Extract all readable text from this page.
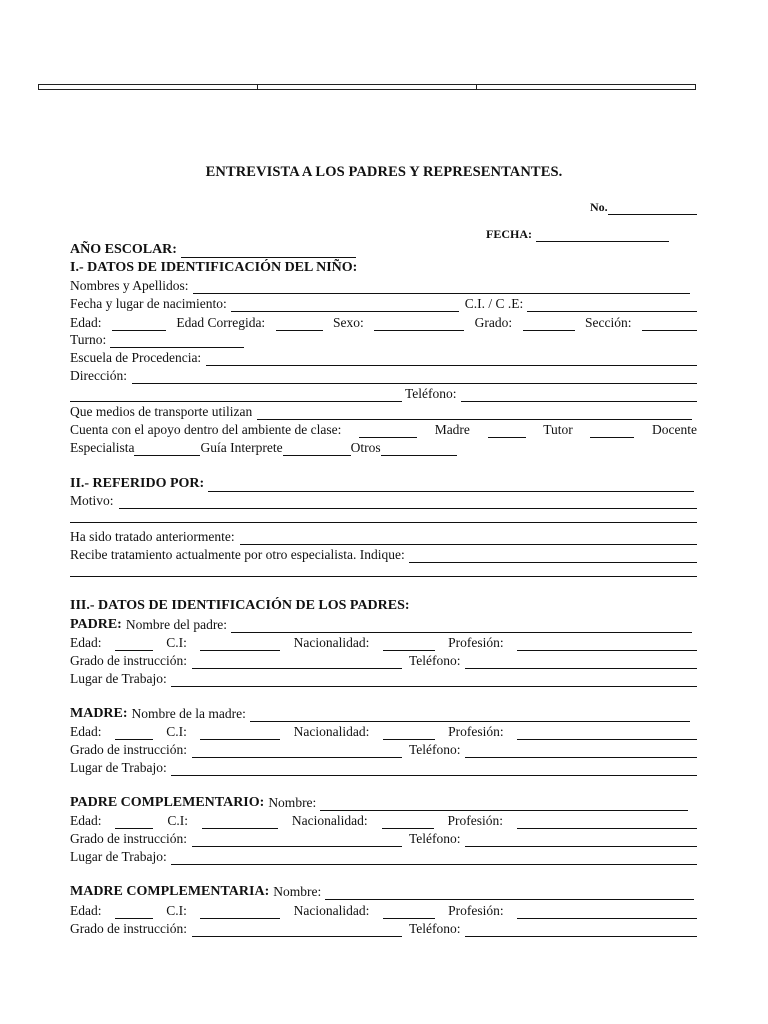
ENTREVISTA A LOS PADRES Y REPRESENTANTES.
No.
FECHA:
AÑO ESCOLAR:
I.- DATOS DE IDENTIFICACIÓN DEL NIÑO:
Nombres y Apellidos:
Fecha y lugar de nacimiento:	C.I. / C .E:
Edad:	Edad Corregida:	Sexo:	Grado:	Sección:
Turno:
Escuela de Procedencia:
Dirección:
Teléfono:
Que medios de transporte utilizan
Cuenta con el apoyo dentro del ambiente de clase:	Madre	Tutor	Docente
Especialista	Guía Interprete	Otros
II.- REFERIDO POR:
Motivo:
Ha sido tratado anteriormente:
Recibe tratamiento actualmente por otro especialista. Indique:
III.- DATOS DE IDENTIFICACIÓN DE LOS PADRES:
PADRE: Nombre del padre:
Edad:	C.I:	Nacionalidad:	Profesión:
Grado de instrucción:	Teléfono:
Lugar de Trabajo:
MADRE: Nombre de la madre:
Edad:	C.I:	Nacionalidad:	Profesión:
Grado de instrucción:	Teléfono:
Lugar de Trabajo:
PADRE COMPLEMENTARIO: Nombre:
Edad:	C.I:	Nacionalidad:	Profesión:
Grado de instrucción:	Teléfono:
Lugar de Trabajo:
MADRE COMPLEMENTARIA: Nombre:
Edad:	C.I:	Nacionalidad:	Profesión:
Grado de instrucción:	Teléfono:
